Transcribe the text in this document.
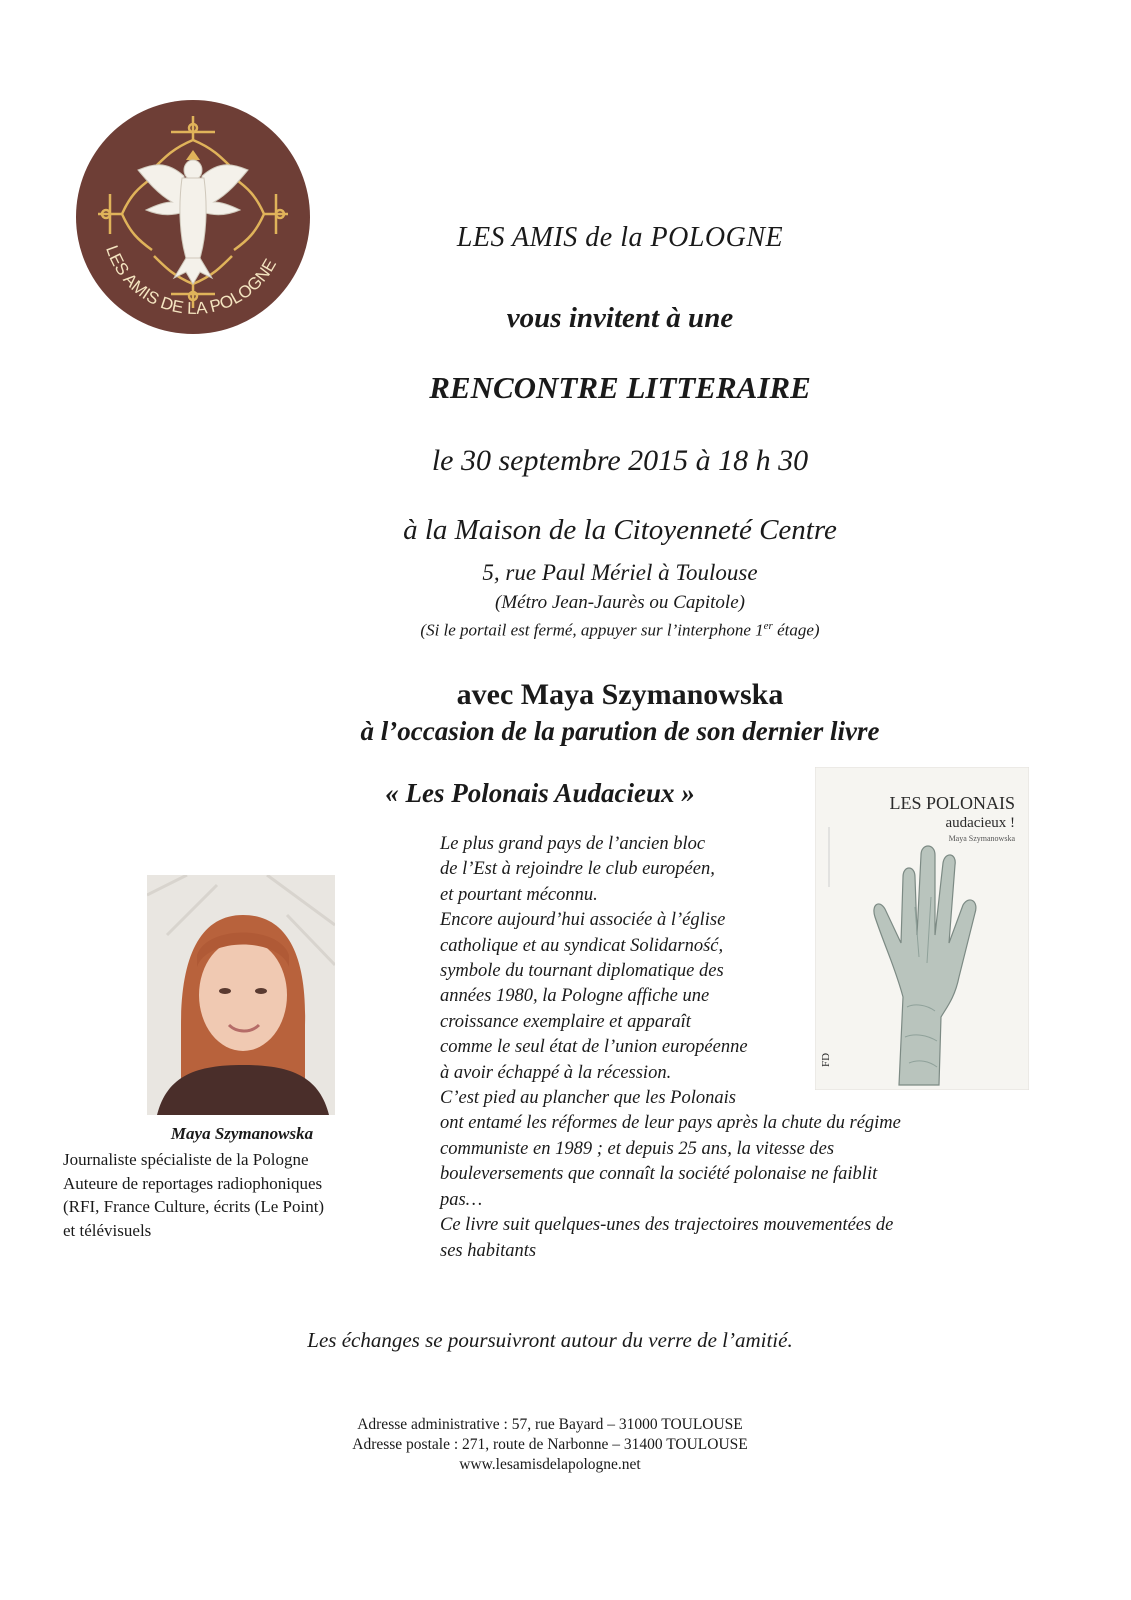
LES AMIS DE LA POLOGNE
LES AMIS de la POLOGNE
vous invitent à une
RENCONTRE LITTERAIRE
le 30 septembre 2015 à 18 h 30
à la Maison de la Citoyenneté Centre
5, rue Paul Mériel à Toulouse
(Métro Jean-Jaurès ou Capitole)
(Si le portail est fermé, appuyer sur l’interphone 1er étage)
avec Maya Szymanowska
à l’occasion de la parution de son dernier livre
« Les Polonais Audacieux »	LES POLONAIS
audacieux !
Maya Szymanowska
FD
Le plus grand pays de l’ancien bloc
de l’Est à rejoindre le club européen,
et pourtant méconnu.
Encore aujourd’hui associée à l’église
catholique et au syndicat Solidarność,
symbole du tournant diplomatique des
années 1980, la Pologne affiche une
croissance exemplaire et apparaît
comme le seul état de l’union européenne
à avoir échappé à la récession.
C’est pied au plancher que les Polonais
ont entamé les réformes de leur pays après la chute du régime
communiste en 1989 ; et depuis 25 ans, la vitesse des
bouleversements que connaît la société polonaise ne faiblit
pas…
Ce livre suit quelques-unes des trajectoires mouvementées de
ses habitants
Maya Szymanowska
Journaliste spécialiste de la Pologne
Auteure de reportages radiophoniques
(RFI, France Culture, écrits (Le Point)
et télévisuels
Les échanges se poursuivront autour du verre de l’amitié.
Adresse administrative : 57, rue Bayard – 31000 TOULOUSE
Adresse postale : 271, route de Narbonne – 31400 TOULOUSE
www.lesamisdelapologne.net
